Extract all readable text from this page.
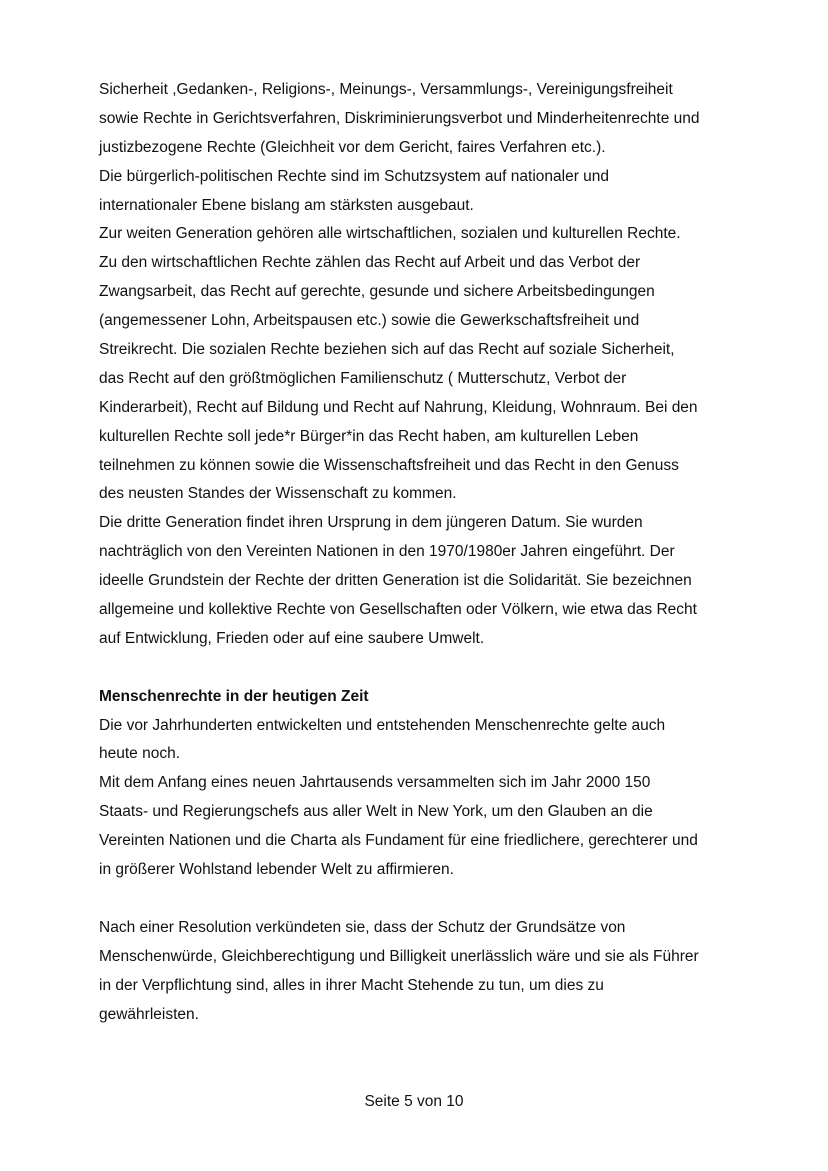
Sicherheit ,Gedanken-, Religions-, Meinungs-, Versammlungs-, Vereinigungsfreiheit
sowie Rechte in Gerichtsverfahren, Diskriminierungsverbot und Minderheitenrechte und
justizbezogene Rechte (Gleichheit vor dem Gericht, faires Verfahren etc.).
Die bürgerlich-politischen Rechte sind im Schutzsystem auf nationaler und
internationaler Ebene bislang am stärksten ausgebaut.
Zur weiten Generation gehören alle wirtschaftlichen, sozialen und kulturellen Rechte.
Zu den wirtschaftlichen Rechte zählen das Recht auf Arbeit und das Verbot der
Zwangsarbeit, das Recht auf gerechte, gesunde und sichere Arbeitsbedingungen
(angemessener Lohn, Arbeitspausen etc.) sowie die Gewerkschaftsfreiheit und
Streikrecht. Die sozialen Rechte beziehen sich auf das Recht auf soziale Sicherheit,
das Recht auf den größtmöglichen Familienschutz ( Mutterschutz, Verbot der
Kinderarbeit), Recht auf Bildung und Recht auf Nahrung, Kleidung, Wohnraum. Bei den
kulturellen Rechte soll jede*r Bürger*in das Recht haben, am kulturellen Leben
teilnehmen zu können sowie die Wissenschaftsfreiheit und das Recht in den Genuss
des neusten Standes der Wissenschaft zu kommen.
Die dritte Generation findet ihren Ursprung in dem jüngeren Datum. Sie wurden
nachträglich von den Vereinten Nationen in den 1970/1980er Jahren eingeführt. Der
ideelle Grundstein der Rechte der dritten Generation ist die Solidarität. Sie bezeichnen
allgemeine und kollektive Rechte von Gesellschaften oder Völkern, wie etwa das Recht
auf Entwicklung, Frieden oder auf eine saubere Umwelt.
Menschenrechte in der heutigen Zeit
Die vor Jahrhunderten entwickelten und entstehenden Menschenrechte gelte auch
heute noch.
Mit dem Anfang eines neuen Jahrtausends versammelten sich im Jahr 2000 150
Staats- und Regierungschefs aus aller Welt in New York, um den Glauben an die
Vereinten Nationen und die Charta als Fundament für eine friedlichere, gerechterer und
in größerer Wohlstand lebender Welt zu affirmieren.
Nach einer Resolution verkündeten sie, dass der Schutz der Grundsätze von
Menschenwürde, Gleichberechtigung und Billigkeit unerlässlich wäre und sie als Führer
in der Verpflichtung sind, alles in ihrer Macht Stehende zu tun, um dies zu
gewährleisten.
Seite 5 von 10
